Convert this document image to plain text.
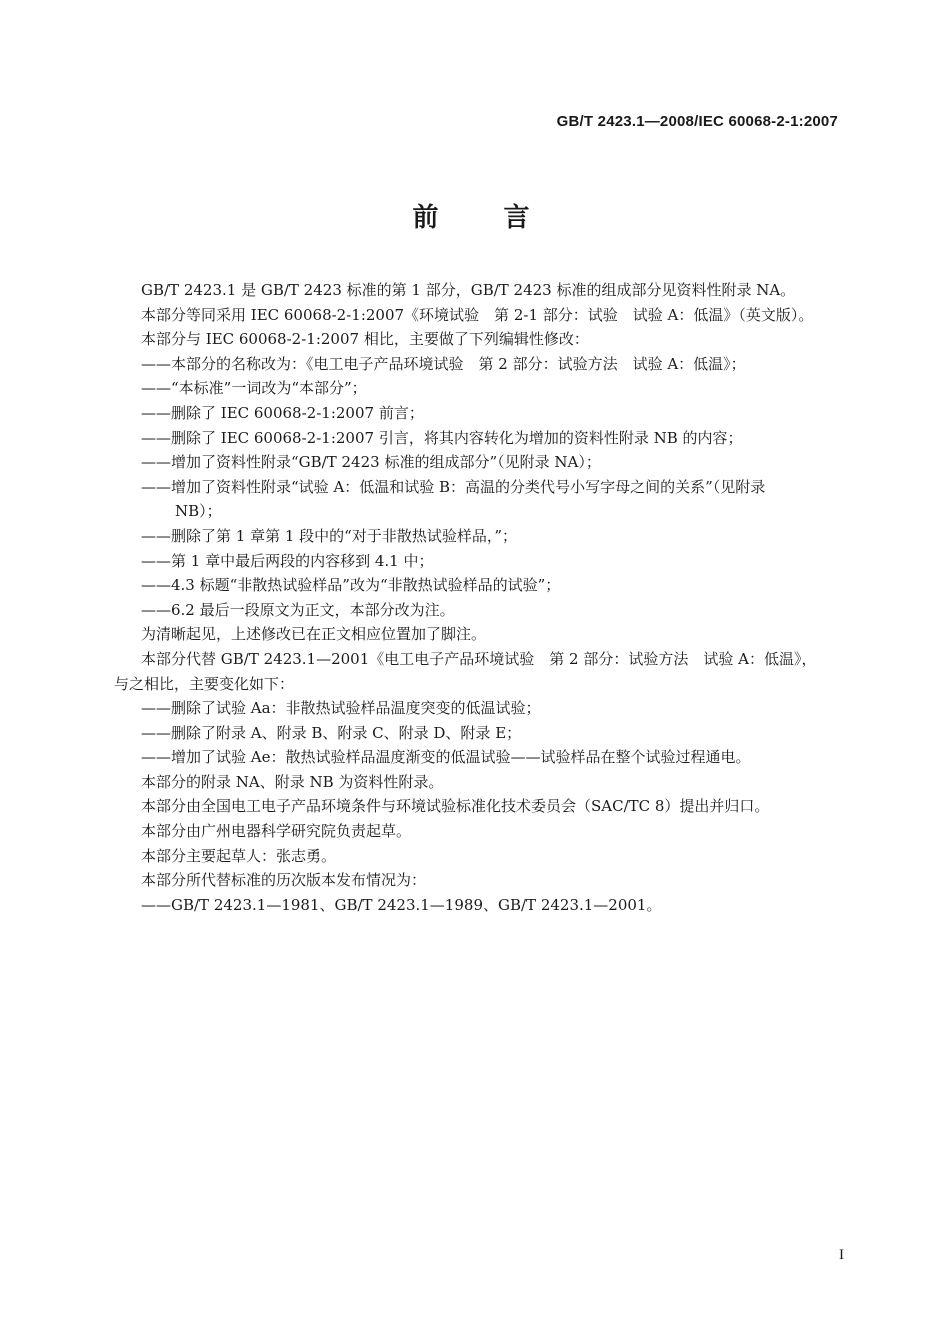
GB/T 2423.1—2008/IEC 60068-2-1:2007
前 言
GB/T 2423.1 是 GB/T 2423 标准的第 1 部分，GB/T 2423 标准的组成部分见资料性附录 NA。
本部分等同采用 IEC 60068-2-1:2007《环境试验　第 2-1 部分：试验　试验 A：低温》（英文版）。
本部分与 IEC 60068-2-1:2007 相比，主要做了下列编辑性修改：
——本部分的名称改为：《电工电子产品环境试验　第 2 部分：试验方法　试验 A：低温》；
——“本标准”一词改为“本部分”；
——删除了 IEC 60068-2-1:2007 前言；
——删除了 IEC 60068-2-1:2007 引言，将其内容转化为增加的资料性附录 NB 的内容；
——增加了资料性附录“GB/T 2423 标准的组成部分”（见附录 NA）；
——增加了资料性附录“试验 A：低温和试验 B：高温的分类代号小写字母之间的关系”（见附录
NB）；
——删除了第 1 章第 1 段中的“对于非散热试验样品，”；
——第 1 章中最后两段的内容移到 4.1 中；
——4.3 标题“非散热试验样品”改为“非散热试验样品的试验”；
——6.2 最后一段原文为正文，本部分改为注。
为清晰起见，上述修改已在正文相应位置加了脚注。
本部分代替 GB/T 2423.1—2001《电工电子产品环境试验　第 2 部分：试验方法　试验 A：低温》，
与之相比，主要变化如下：
——删除了试验 Aa：非散热试验样品温度突变的低温试验；
——删除了附录 A、附录 B、附录 C、附录 D、附录 E；
——增加了试验 Ae：散热试验样品温度渐变的低温试验——试验样品在整个试验过程通电。
本部分的附录 NA、附录 NB 为资料性附录。
本部分由全国电工电子产品环境条件与环境试验标准化技术委员会（SAC/TC 8）提出并归口。
本部分由广州电器科学研究院负责起草。
本部分主要起草人：张志勇。
本部分所代替标准的历次版本发布情况为：
——GB/T 2423.1—1981、GB/T 2423.1—1989、GB/T 2423.1—2001。
I
